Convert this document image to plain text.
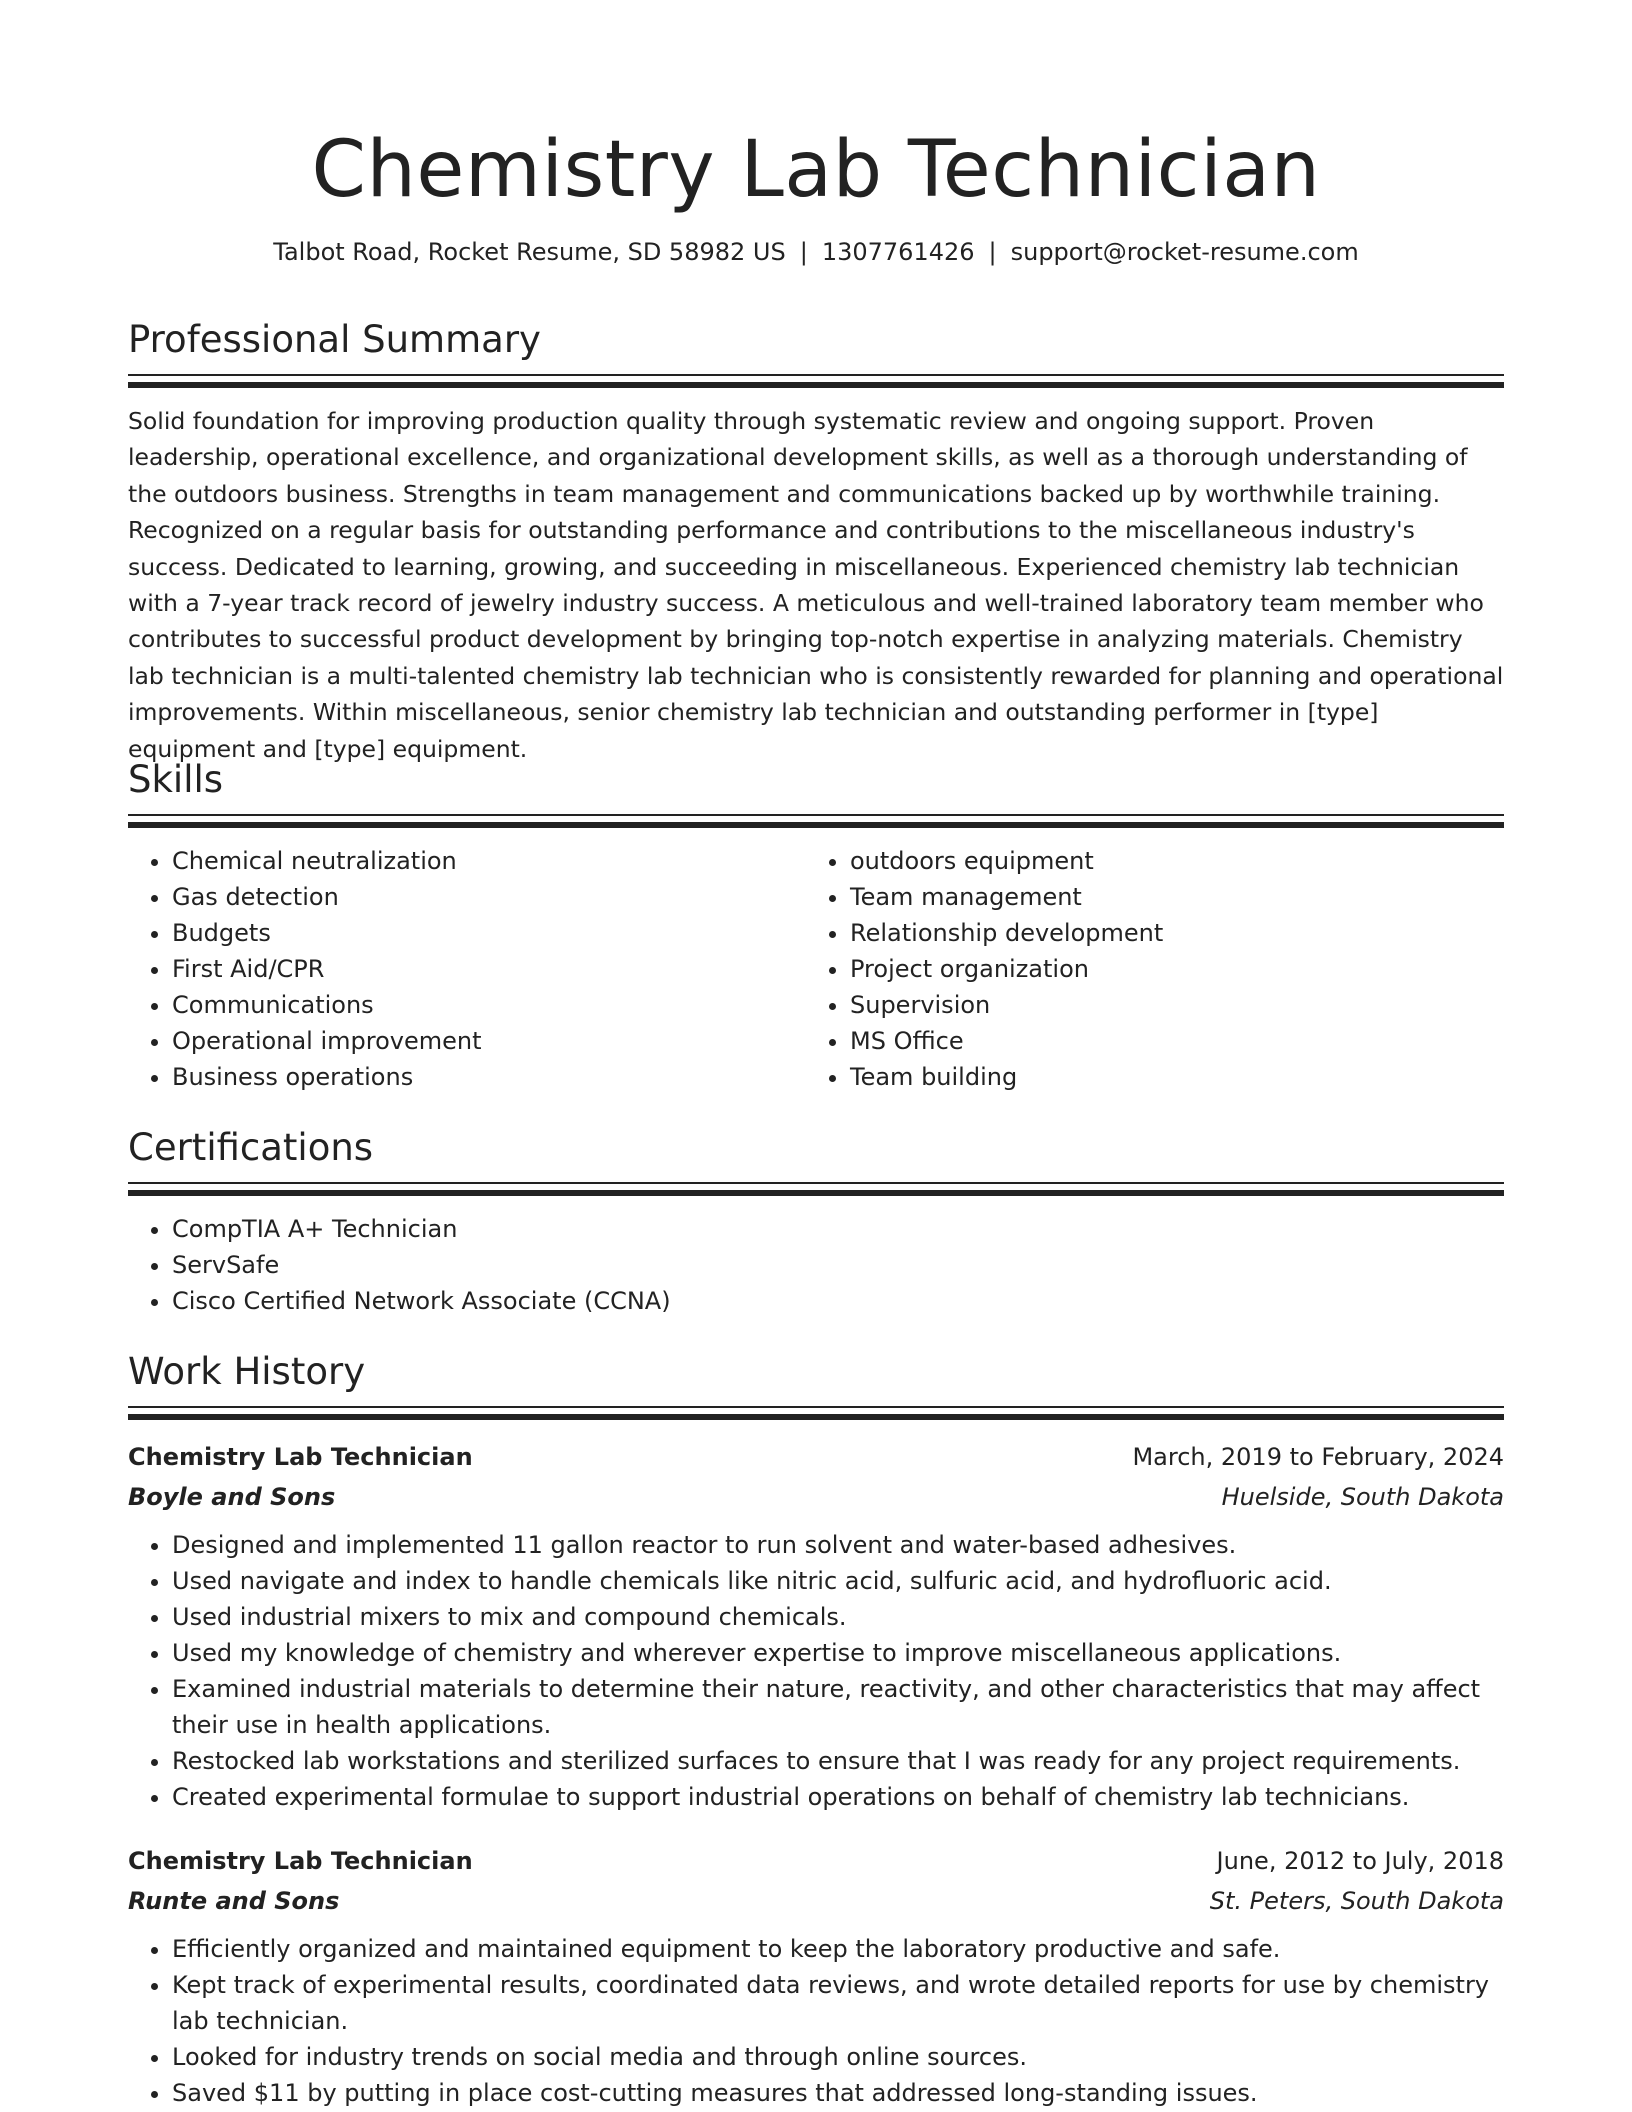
Chemistry Lab Technician
Talbot Road, Rocket Resume, SD 58982 US | 1307761426 | support@rocket-resume.com
Professional Summary

Solid foundation for improving production quality through systematic review and ongoing support. Proven leadership, operational excellence, and organizational development skills, as well as a thorough understanding of the outdoors business. Strengths in team management and communications backed up by worthwhile training. Recognized on a regular basis for outstanding performance and contributions to the miscellaneous industry's success. Dedicated to learning, growing, and succeeding in miscellaneous. Experienced chemistry lab technician with a 7-year track record of jewelry industry success. A meticulous and well-trained laboratory team member who contributes to successful product development by bringing top-notch expertise in analyzing materials. Chemistry lab technician is a multi-talented chemistry lab technician who is consistently rewarded for planning and operational improvements. Within miscellaneous, senior chemistry lab technician and outstanding performer in [type] equipment and [type] equipment.

Skills
• Chemical neutralization
• Gas detection
• Budgets
• First Aid/CPR
• Communications
• Operational improvement
• Business operations
• outdoors equipment
• Team management
• Relationship development
• Project organization
• Supervision
• MS Office
• Team building
Certifications
• CompTIA A+ Technician
• ServSafe
• Cisco Certified Network Associate (CCNA)
Work History
Chemistry Lab Technician	March, 2019 to February, 2024
Boyle and Sons	Huelside, South Dakota
• Designed and implemented 11 gallon reactor to run solvent and water-based adhesives.
• Used navigate and index to handle chemicals like nitric acid, sulfuric acid, and hydrofluoric acid.
• Used industrial mixers to mix and compound chemicals.
• Used my knowledge of chemistry and wherever expertise to improve miscellaneous applications.
• Examined industrial materials to determine their nature, reactivity, and other characteristics that may affect their use in health applications.
• Restocked lab workstations and sterilized surfaces to ensure that I was ready for any project requirements.
• Created experimental formulae to support industrial operations on behalf of chemistry lab technicians.
Chemistry Lab Technician	June, 2012 to July, 2018
Runte and Sons	St. Peters, South Dakota
• Efficiently organized and maintained equipment to keep the laboratory productive and safe.
• Kept track of experimental results, coordinated data reviews, and wrote detailed reports for use by chemistry lab technician.
• Looked for industry trends on social media and through online sources.
• Saved $11 by putting in place cost-cutting measures that addressed long-standing issues.
